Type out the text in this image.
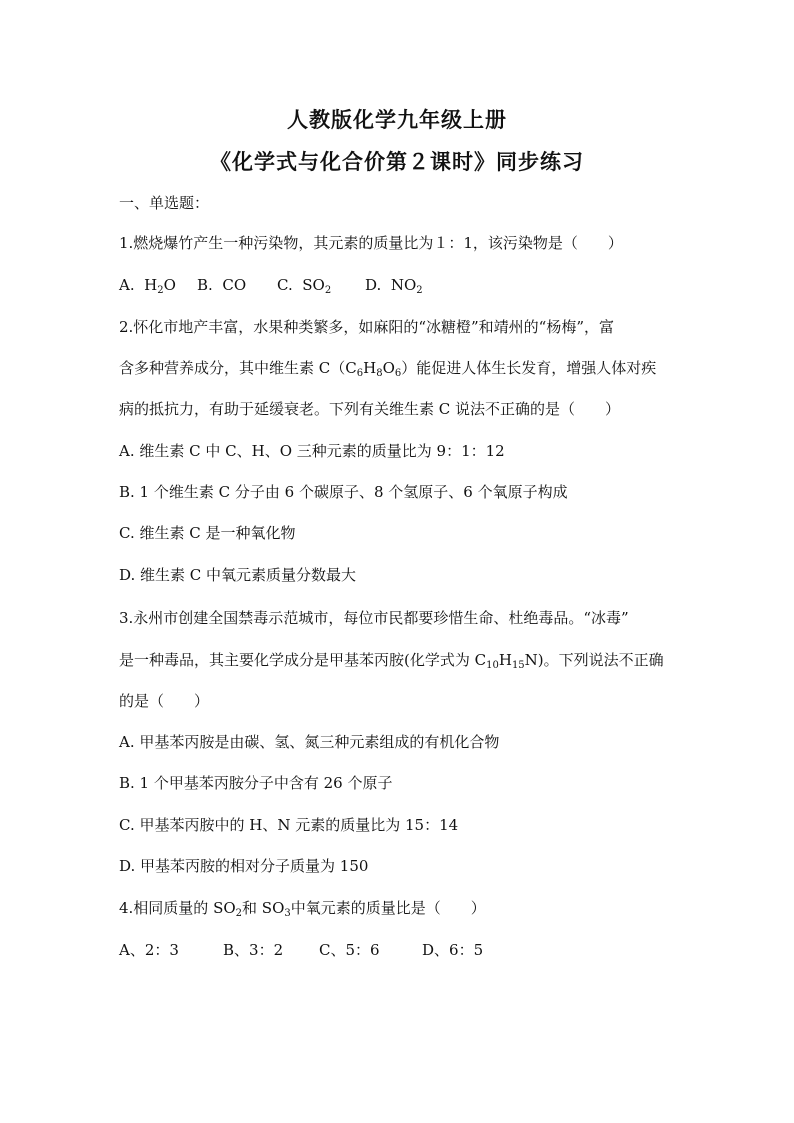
人教版化学九年级上册
《化学式与化合价第２课时》同步练习
一、单选题：
1.燃烧爆竹产生一种污染物，其元素的质量比为１：1，该污染物是（　　）
A. $H_2O$ B. CO C. $SO_2$ D. $NO_2$
2.怀化市地产丰富，水果种类繁多，如麻阳的“冰糖橙”和靖州的“杨梅”，富
含多种营养成分，其中维生素 $C(C_6H_8O_6)$能促进人体生长发育，增强人体对疾
病的抵抗力，有助于延缓衰老。下列有关维生素 C 说法不正确的是（　　）
A. 维生素 C 中 C、H、O 三种元素的质量比为 9：1：12
B. 1 个维生素 C 分子由 6 个碳原子、8 个氢原子、6 个氧原子构成
C. 维生素 C 是一种氧化物
D. 维生素 C 中氧元素质量分数最大
3.永州市创建全国禁毒示范城市，每位市民都要珍惜生命、杜绝毒品。“冰毒”
是一种毒品，其主要化学成分是甲基苯丙胺(化学式为 $C_{10}H_{15}N$)。下列说法不正确
的是（　　）
A. 甲基苯丙胺是由碳、氢、氮三种元素组成的有机化合物
B. 1 个甲基苯丙胺分子中含有 26 个原子
C. 甲基苯丙胺中的 H、N 元素的质量比为 15：14
D. 甲基苯丙胺的相对分子质量为 150
4.相同质量的 $SO_2$和 $SO_3$中氧元素的质量比是（　　）
A、2：3	B、3：2 C、5：6	D、6：5
